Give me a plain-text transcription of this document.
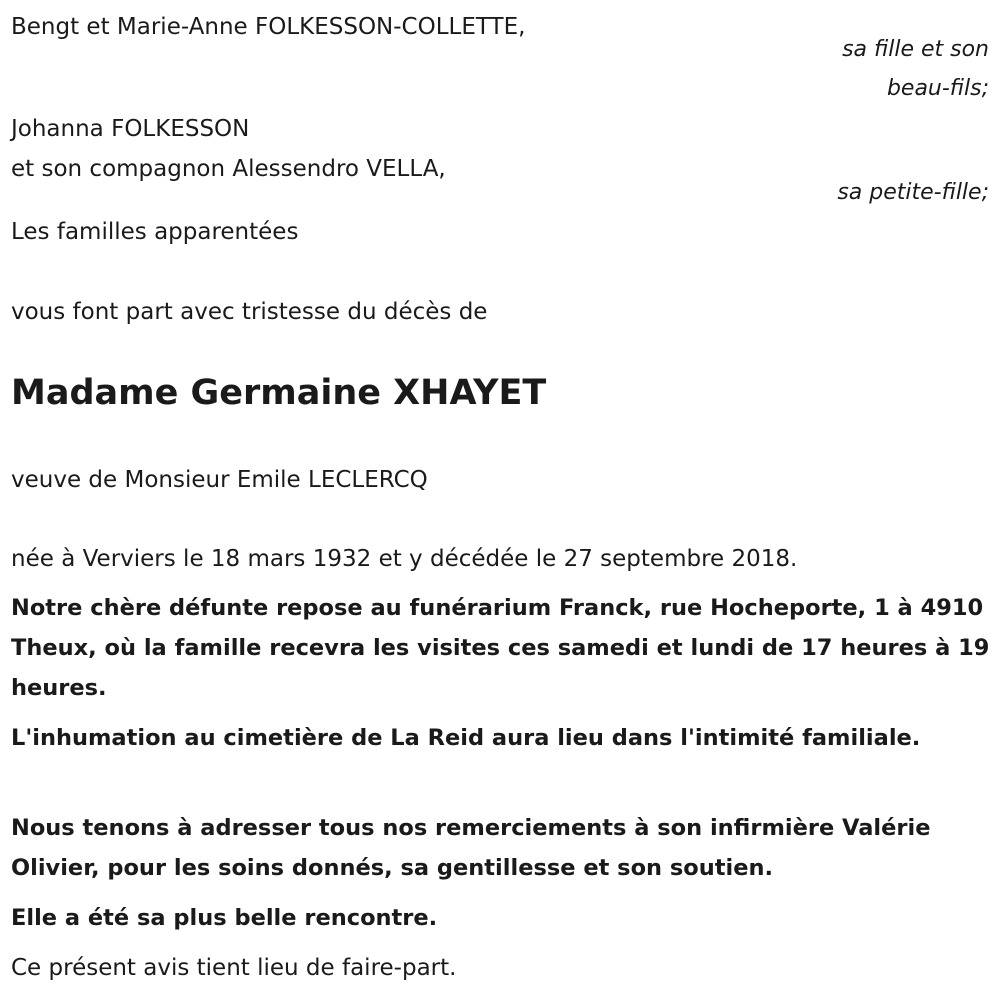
Bengt et Marie-Anne FOLKESSON-COLLETTE,
sa fille et son
beau-fils;
Johanna FOLKESSON
et son compagnon Alessendro VELLA,
sa petite-fille;
Les familles apparentées
vous font part avec tristesse du décès de
Madame Germaine XHAYET
veuve de Monsieur Emile LECLERCQ
née à Verviers le 18 mars 1932 et y décédée le 27 septembre 2018.
Notre chère défunte repose au funérarium Franck, rue Hocheporte, 1 à 4910 Theux, où la famille recevra les visites ces samedi et lundi de 17 heures à 19 heures.
L'inhumation au cimetière de La Reid aura lieu dans l'intimité familiale.
Nous tenons à adresser tous nos remerciements à son infirmière Valérie Olivier, pour les soins donnés, sa gentillesse et son soutien.
Elle a été sa plus belle rencontre.
Ce présent avis tient lieu de faire-part.
